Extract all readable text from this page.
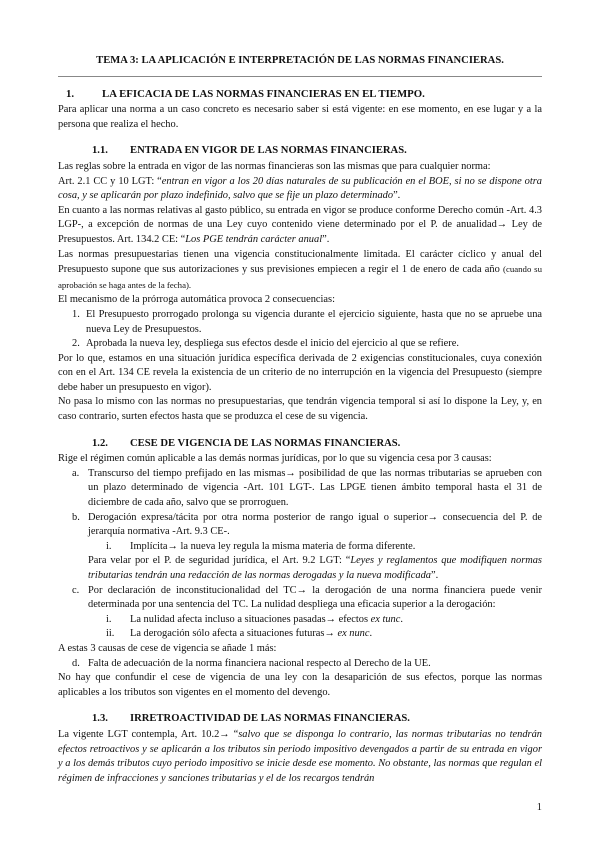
TEMA 3: LA APLICACIÓN E INTERPRETACIÓN DE LAS NORMAS FINANCIERAS.
1.	LA EFICACIA DE LAS NORMAS FINANCIERAS EN EL TIEMPO.

Para aplicar una norma a un caso concreto es necesario saber si está vigente: en ese momento, en ese lugar y a la persona que realiza el hecho.

1.1.	ENTRADA EN VIGOR DE LAS NORMAS FINANCIERAS.

Las reglas sobre la entrada en vigor de las normas financieras son las mismas que para cualquier norma:

Art. 2.1 CC y 10 LGT: “entran en vigor a los 20 días naturales de su publicación en el BOE, si no se dispone otra cosa, y se aplicarán por plazo indefinido, salvo que se fije un plazo determinado”.

En cuanto a las normas relativas al gasto público, su entrada en vigor se produce conforme Derecho común -Art. 4.3 LGP-, a excepción de normas de una Ley cuyo contenido viene determinado por el P. de anualidad→ Ley de Presupuestos. Art. 134.2 CE: “Los PGE tendrán carácter anual”.

Las normas presupuestarias tienen una vigencia constitucionalmente limitada. El carácter cíclico y anual del Presupuesto supone que sus autorizaciones y sus previsiones empiecen a regir el 1 de enero de cada año (cuando su aprobación se haga antes de la fecha).

El mecanismo de la prórroga automática provoca 2 consecuencias:

1. El Presupuesto prorrogado prolonga su vigencia durante el ejercicio siguiente, hasta que no se apruebe una nueva Ley de Presupuestos.
2. Aprobada la nueva ley, despliega sus efectos desde el inicio del ejercicio al que se refiere.

Por lo que, estamos en una situación jurídica específica derivada de 2 exigencias constitucionales, cuya conexión con en el Art. 134 CE revela la existencia de un criterio de no interrupción en la vigencia del Presupuesto (siempre debe haber un presupuesto en vigor).

No pasa lo mismo con las normas no presupuestarias, que tendrán vigencia temporal si así lo dispone la Ley, y, en caso contrario, surten efectos hasta que se produzca el cese de su vigencia.

1.2.	CESE DE VIGENCIA DE LAS NORMAS FINANCIERAS.

Rige el régimen común aplicable a las demás normas jurídicas, por lo que su vigencia cesa por 3 causas:

a. Transcurso del tiempo prefijado en las mismas→ posibilidad de que las normas tributarias se aprueben con un plazo determinado de vigencia -Art. 101 LGT-. Las LPGE tienen ámbito temporal hasta el 31 de diciembre de cada año, salvo que se prorroguen.
b. Derogación expresa/tácita por otra norma posterior de rango igual o superior→ consecuencia del P. de jerarquía normativa -Art. 9.3 CE-.
i.	Implícita→ la nueva ley regula la misma materia de forma diferente.

Para velar por el P. de seguridad jurídica, el Art. 9.2 LGT: “Leyes y reglamentos que modifiquen normas tributarias tendrán una redacción de las normas derogadas y la nueva modificada”.

c. Por declaración de inconstitucionalidad del TC→ la derogación de una norma financiera puede venir determinada por una sentencia del TC. La nulidad despliega una eficacia superior a la derogación:
i.	La nulidad afecta incluso a situaciones pasadas→ efectos ex tunc.
ii.	La derogación sólo afecta a situaciones futuras→ ex nunc.

A estas 3 causas de cese de vigencia se añade 1 más:

d. Falta de adecuación de la norma financiera nacional respecto al Derecho de la UE.

No hay que confundir el cese de vigencia de una ley con la desaparición de sus efectos, porque las normas aplicables a los tributos son vigentes en el momento del devengo.

1.3.	IRRETROACTIVIDAD DE LAS NORMAS FINANCIERAS.

La vigente LGT contempla, Art. 10.2→ “salvo que se disponga lo contrario, las normas tributarias no tendrán efectos retroactivos y se aplicarán a los tributos sin periodo impositivo devengados a partir de su entrada en vigor y a los demás tributos cuyo periodo impositivo se inicie desde ese momento. No obstante, las normas que regulan el régimen de infracciones y sanciones tributarias y el de los recargos tendrán

1
